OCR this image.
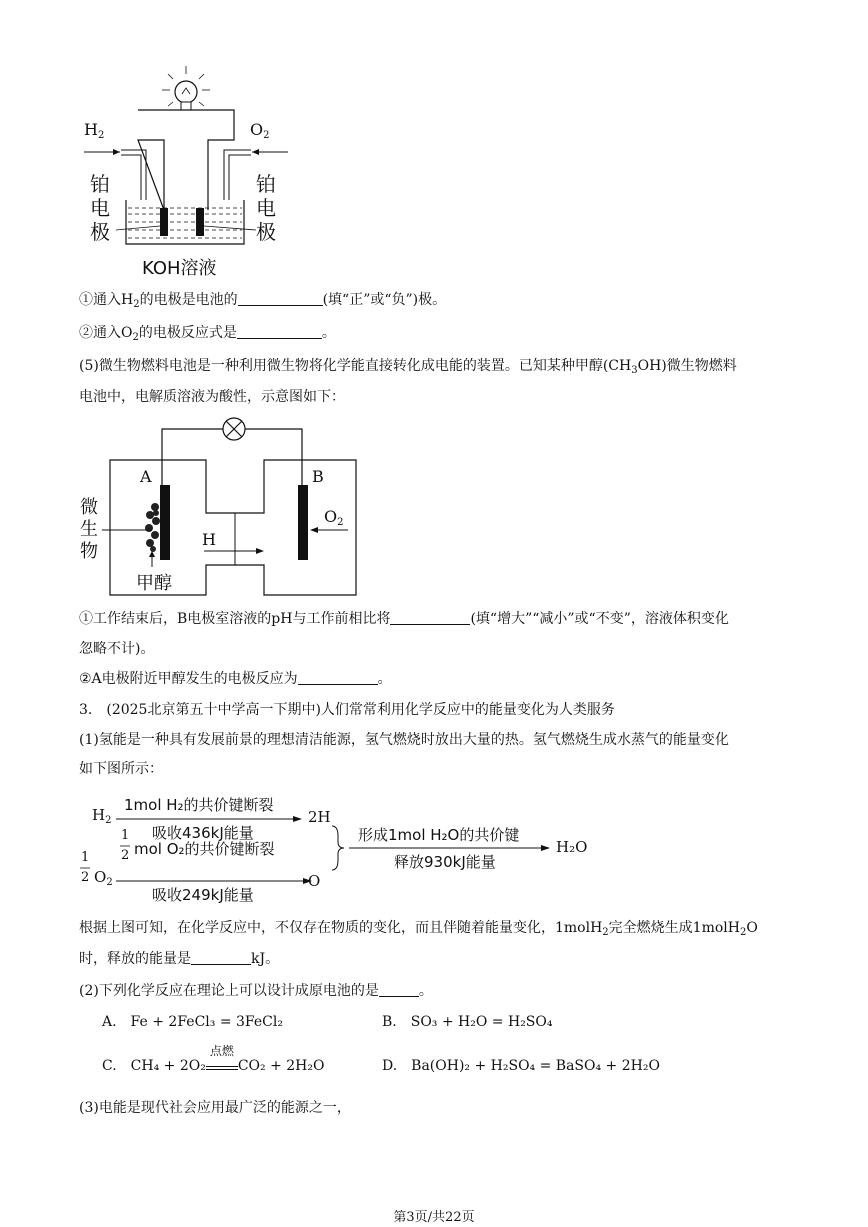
$H_2$	$O_2$
铂
电
极
铂
电
极
KOH溶液
①通入$H_2$的电极是电池的	(填“正”或“负”)极。
②通入$O_2$的电极反应式是	。
(5)微生物燃料电池是一种利用微生物将化学能直接转化成电能的装置。已知某种甲醇$(CH_3OH)$微生物燃料
电池中，电解质溶液为酸性，示意图如下：
A	B
微
生
物
H
$O_2$
甲醇
①工作结束后，B电极室溶液的pH与工作前相比将	(填“增大”“减小”或“不变”，溶液体积变化
忽略不计)。
②A电极附近甲醇发生的电极反应为	。
3.　(2025北京第五十中学高一下期中)人们常常利用化学反应中的能量变化为人类服务
(1)氢能是一种具有发展前景的理想清洁能源，氢气燃烧时放出大量的热。氢气燃烧生成水蒸气的能量变化
如下图所示：
$H_2$
1mol H₂的共价键断裂
吸收436kJ能量
2H
1
2 $O_2$
1
2 mol O₂的共价键断裂
吸收249kJ能量
O
形成1mol H₂O的共价键
释放930kJ能量
H₂O
根据上图可知，在化学反应中，不仅存在物质的变化，而且伴随着能量变化，1molH$_2$完全燃烧生成1molH$_2$O
时，释放的能量是	kJ。
(2)下列化学反应在理论上可以设计成原电池的是	。
A.　Fe + 2FeCl₃ = 3FeCl₂	B.　SO₃ + H₂O = H₂SO₄
C.　CH₄ + 2O₂
点燃
CO₂ + 2H₂O	D.　Ba(OH)₂ + H₂SO₄ = BaSO₄ + 2H₂O
(3)电能是现代社会应用最广泛的能源之一，
第3页/共22页
